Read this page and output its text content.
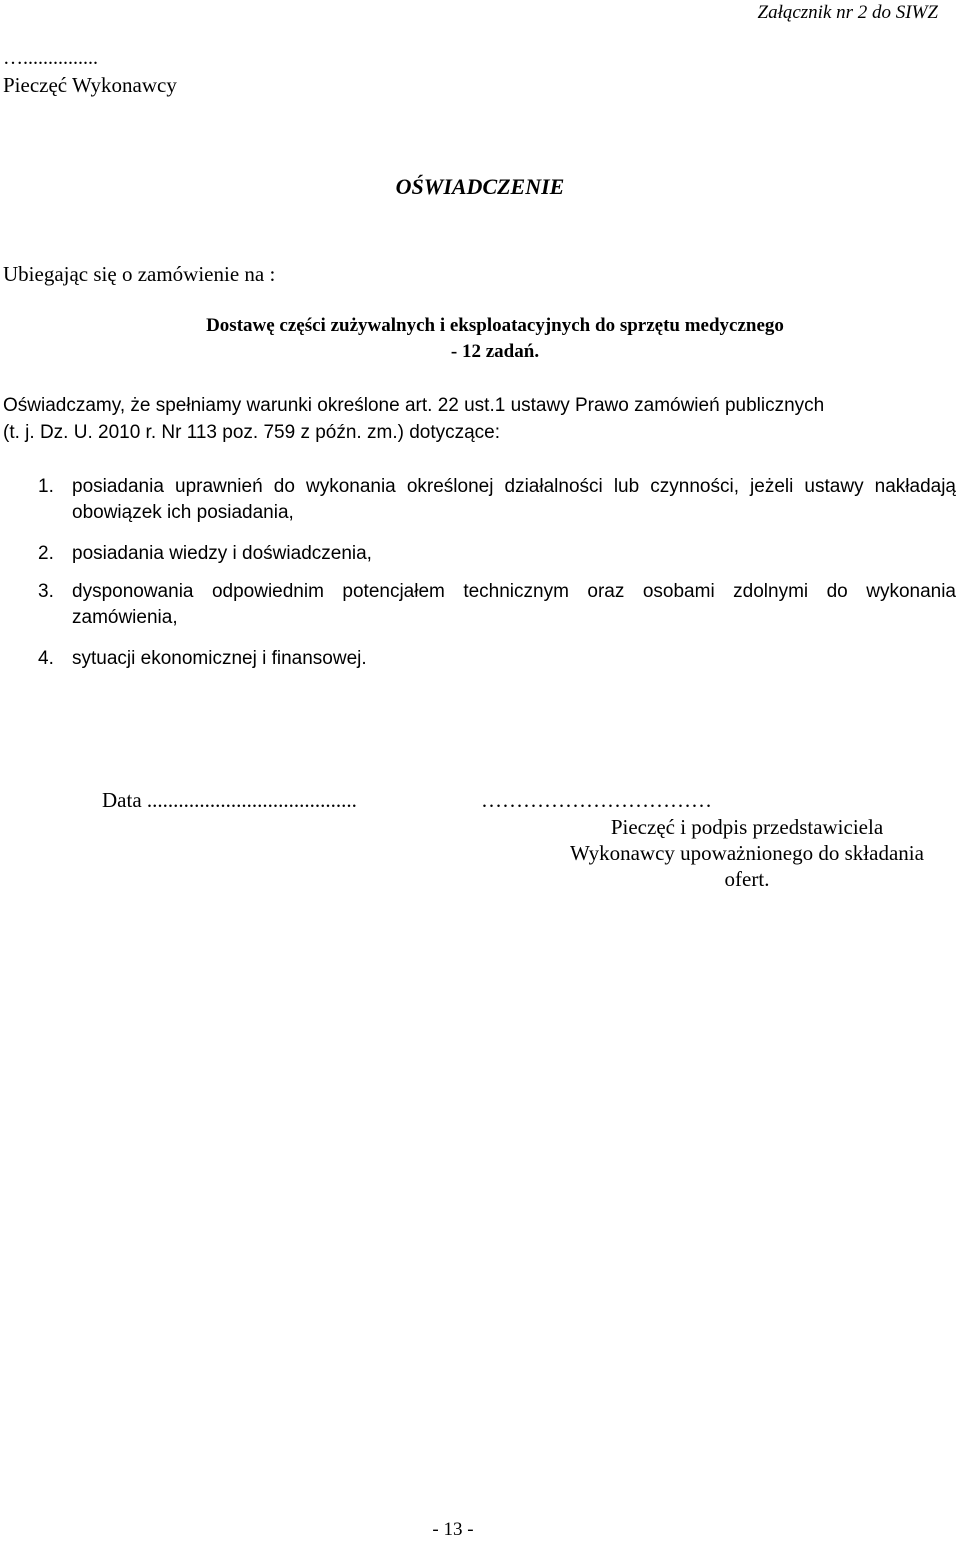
Załącznik nr 2 do SIWZ
…...............
Pieczęć Wykonawcy
OŚWIADCZENIE
Ubiegając się o zamówienie na :
Dostawę części zużywalnych i eksploatacyjnych do sprzętu medycznego
- 12 zadań.
Oświadczamy, że spełniamy warunki określone art. 22 ust.1 ustawy Prawo zamówień publicznych
(t. j. Dz. U. 2010 r. Nr 113 poz. 759 z późn. zm.) dotyczące:
1. posiadania uprawnień do wykonania określonej działalności lub czynności, jeżeli ustawy nakładają obowiązek ich posiadania,
2. posiadania wiedzy i doświadczenia,
3. dysponowania odpowiednim potencjałem technicznym oraz osobami zdolnymi do wykonania zamówienia,
4. sytuacji ekonomicznej i finansowej.
Data ........................................	……………………………
Pieczęć i podpis przedstawiciela
Wykonawcy upoważnionego do składania
ofert.
- 13 -
